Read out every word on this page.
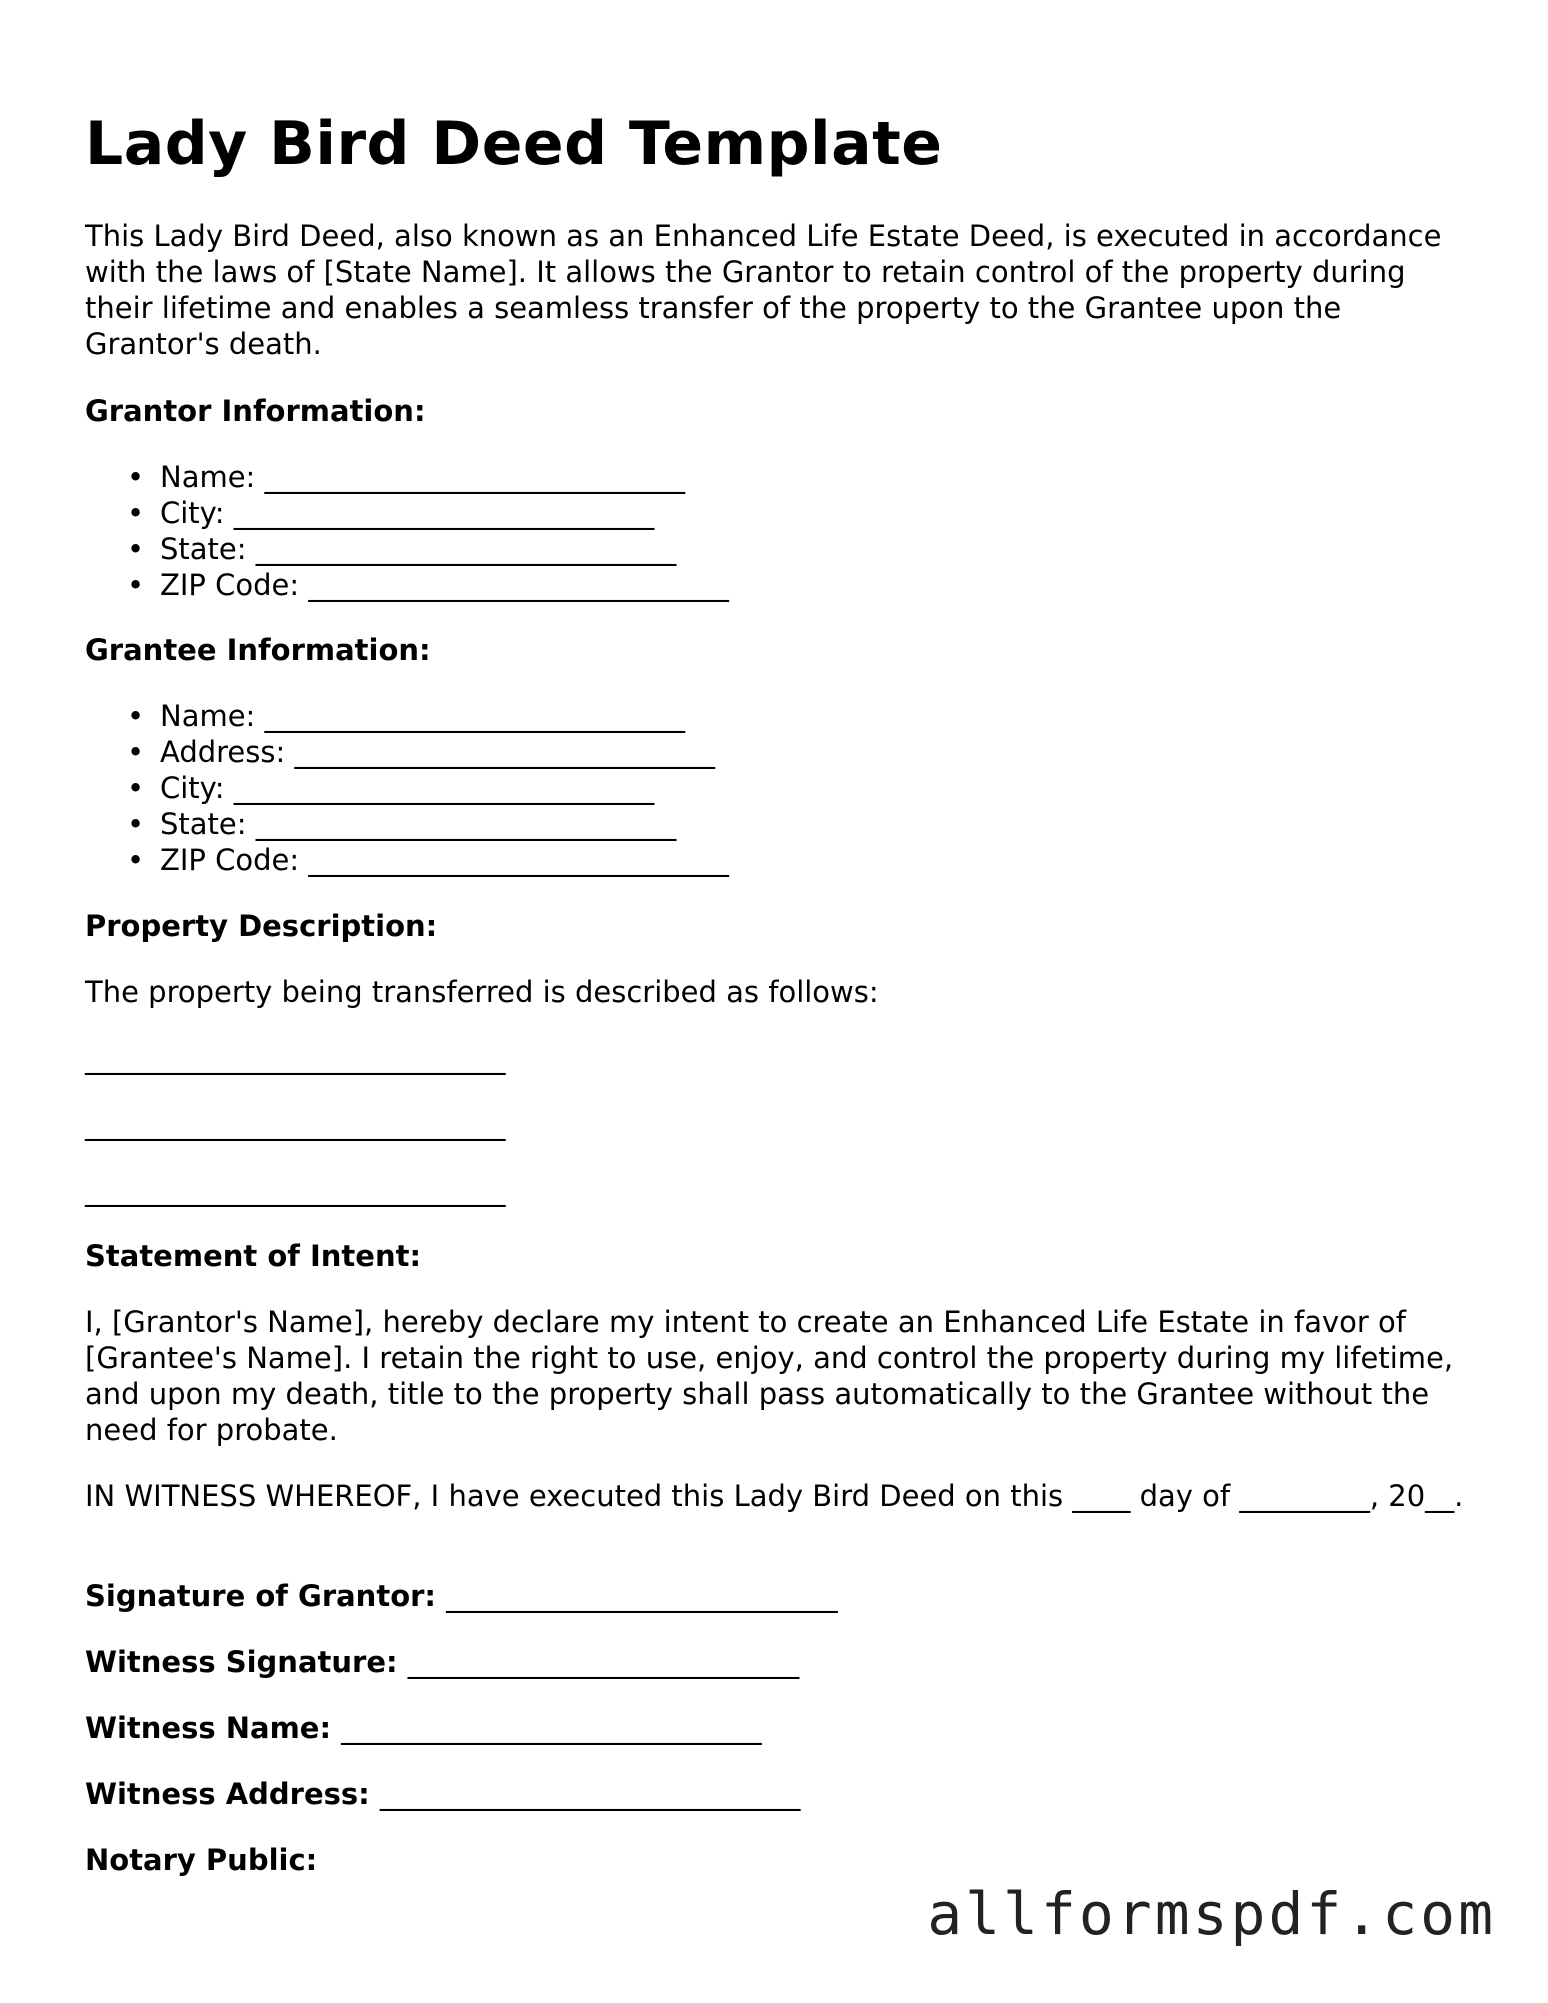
Lady Bird Deed Template

This Lady Bird Deed, also known as an Enhanced Life Estate Deed, is executed in accordance with the laws of [State Name]. It allows the Grantor to retain control of the property during their lifetime and enables a seamless transfer of the property to the Grantee upon the Grantor's death.

Grantor Information:
• Name: _____________________________
• City: _____________________________
• State: _____________________________
• ZIP Code: _____________________________
Grantee Information:
• Name: _____________________________
• Address: _____________________________
• City: _____________________________
• State: _____________________________
• ZIP Code: _____________________________
Property Description:

The property being transferred is described as follows:

_____________________________
_____________________________
_____________________________
Statement of Intent:

I, [Grantor's Name], hereby declare my intent to create an Enhanced Life Estate in favor of [Grantee's Name]. I retain the right to use, enjoy, and control the property during my lifetime, and upon my death, title to the property shall pass automatically to the Grantee without the need for probate.

IN WITNESS WHEREOF, I have executed this Lady Bird Deed on this ____ day of _________, 20__.

Signature of Grantor: ___________________________
Witness Signature: ___________________________
Witness Name: _____________________________
Witness Address: _____________________________
Notary Public:
allformspdf.com
